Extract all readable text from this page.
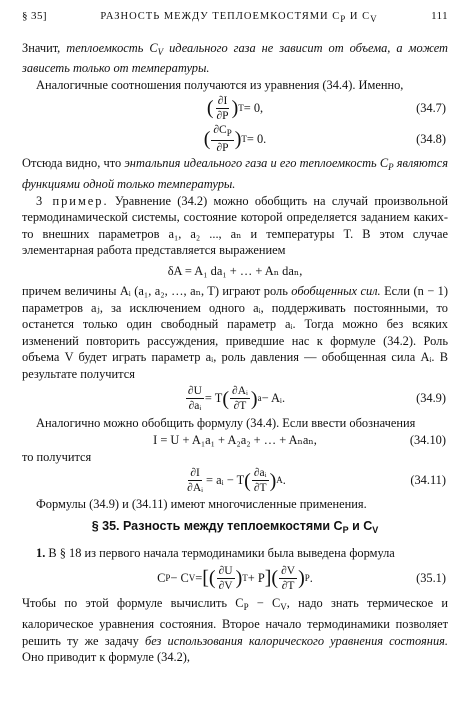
§ 35]	РАЗНОСТЬ МЕЖДУ ТЕПЛОЕМКОСТЯМИ CP И CV	111

Значит, теплоемкость $C_V$ идеального газа не зависит от объема, а может зависеть только от температуры.

Аналогичные соотношения получаются из уравнения (34.4). Именно,

( $\frac{\partial I}{\partial P}$ ) T = 0,	(34.7)
( $\frac{\partial C_P}{\partial P}$ ) T = 0.	(34.8)

Отсюда видно, что энтальпия идеального газа и его теплоемкость $C_P$ являются функциями одной только температуры.

3 пример. Уравнение (34.2) можно обобщить на случай произвольной термодинамической системы, состояние которой определяется заданием каких-то внешних параметров a₁, a₂ ..., aₙ и температуры T. В этом случае элементарная работа представляется выражением

δA = A₁ da₁ + … + Aₙ daₙ,

причем величины Aᵢ (a₁, a₂, …, aₙ, T) играют роль обобщенных сил. Если (n − 1) параметров aⱼ, за исключением одного aᵢ, поддерживать постоянными, то останется только один свободный параметр aᵢ. Тогда можно без всяких изменений повторить рассуждения, приведшие нас к формуле (34.2). Роль объема V будет играть параметр aᵢ, роль давления — обобщенная сила Aᵢ. В результате получится

$\frac{\partial U}{\text{∂aᵢ}} = T$ ( $\frac{\text{∂Aᵢ}}{\partial T}$ ) a − Aᵢ.	(34.9)

Аналогично можно обобщить формулу (34.4). Если ввести обозначения

I = U + A₁a₁ + A₂a₂ + … + Aₙaₙ,	(34.10)

то получится

$\frac{\partial I}{\text{∂Aᵢ}}$ = aᵢ − T ( $\frac{\text{∂aᵢ}}{\partial T}$ ) A .	(34.11)

Формулы (34.9) и (34.11) имеют многочисленные применения.

§ 35. Разность между теплоемкостями $C_P$ и $C_V$

1. В § 18 из первого начала термодинамики была выведена формула

C P − C V = [ ( $\frac{\partial U}{\partial V}$ ) T + P ] ( $\frac{\partial V}{\partial T}$ ) P .	(35.1)

Чтобы по этой формуле вычислить $C_P - C_V$, надо знать термическое и калорическое уравнения состояния. Второе начало термодинамики позволяет решить ту же задачу без использования калорического уравнения состояния. Оно приводит к формуле (34.2),
